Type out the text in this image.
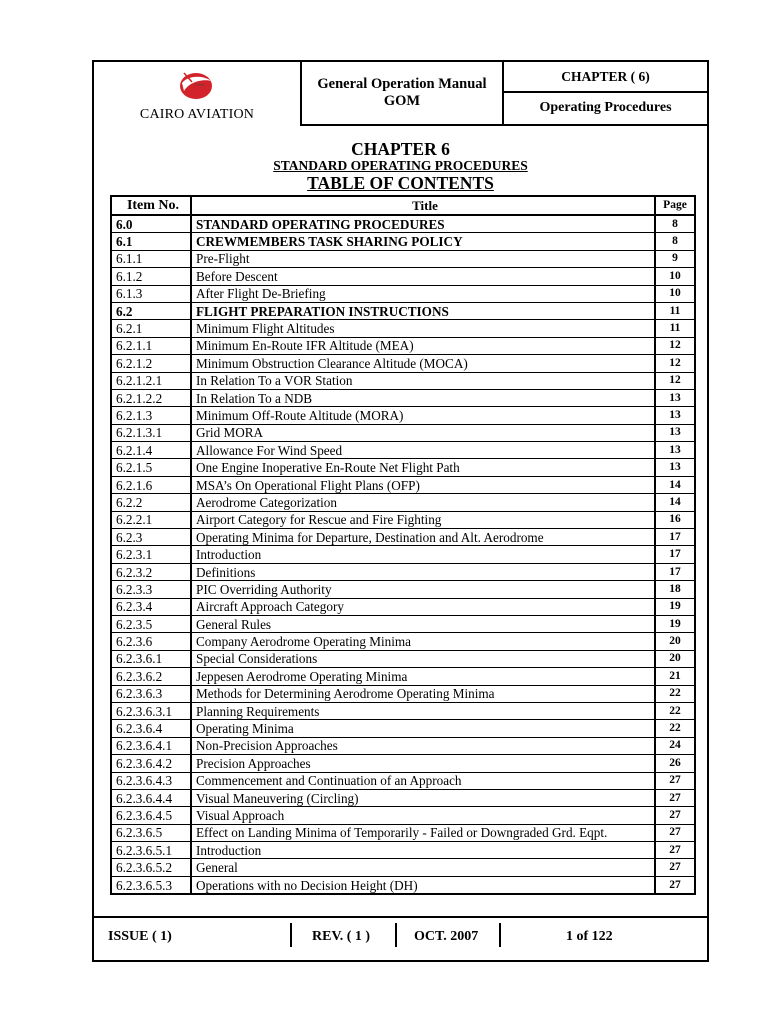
Cairo
CAIRO AVIATION
General Operation Manual
GOM
CHAPTER ( 6)
Operating Procedures
CHAPTER 6
STANDARD OPERATING PROCEDURES
TABLE OF CONTENTS
Item No.	Title	Page
6.0	STANDARD OPERATING PROCEDURES	8
6.1	CREWMEMBERS TASK SHARING POLICY	8
6.1.1	Pre-Flight	9
6.1.2	Before Descent	10
6.1.3	After Flight De-Briefing	10
6.2	FLIGHT PREPARATION INSTRUCTIONS	11
6.2.1	Minimum Flight Altitudes	11
6.2.1.1	Minimum En-Route IFR Altitude (MEA)	12
6.2.1.2	Minimum Obstruction Clearance Altitude (MOCA)	12
6.2.1.2.1	In Relation To a VOR Station	12
6.2.1.2.2	In Relation To a NDB	13
6.2.1.3	Minimum Off-Route Altitude (MORA)	13
6.2.1.3.1	Grid MORA	13
6.2.1.4	Allowance For Wind Speed	13
6.2.1.5	One Engine Inoperative En-Route Net Flight Path	13
6.2.1.6	MSA’s On Operational Flight Plans (OFP)	14
6.2.2	Aerodrome Categorization	14
6.2.2.1	Airport Category for Rescue and Fire Fighting	16
6.2.3	Operating Minima for Departure, Destination and Alt. Aerodrome	17
6.2.3.1	Introduction	17
6.2.3.2	Definitions	17
6.2.3.3	PIC Overriding Authority	18
6.2.3.4	Aircraft Approach Category	19
6.2.3.5	General Rules	19
6.2.3.6	Company Aerodrome Operating Minima	20
6.2.3.6.1	Special Considerations	20
6.2.3.6.2	Jeppesen Aerodrome Operating Minima	21
6.2.3.6.3	Methods for Determining Aerodrome Operating Minima	22
6.2.3.6.3.1	Planning Requirements	22
6.2.3.6.4	Operating Minima	22
6.2.3.6.4.1	Non-Precision Approaches	24
6.2.3.6.4.2	Precision Approaches	26
6.2.3.6.4.3	Commencement and Continuation of an Approach	27
6.2.3.6.4.4	Visual Maneuvering (Circling)	27
6.2.3.6.4.5	Visual Approach	27
6.2.3.6.5	Effect on Landing Minima of Temporarily - Failed or Downgraded Grd. Eqpt.	27
6.2.3.6.5.1	Introduction	27
6.2.3.6.5.2	General	27
6.2.3.6.5.3	Operations with no Decision Height (DH)	27
ISSUE ( 1)	REV. ( 1 )	OCT. 2007	1 of 122
